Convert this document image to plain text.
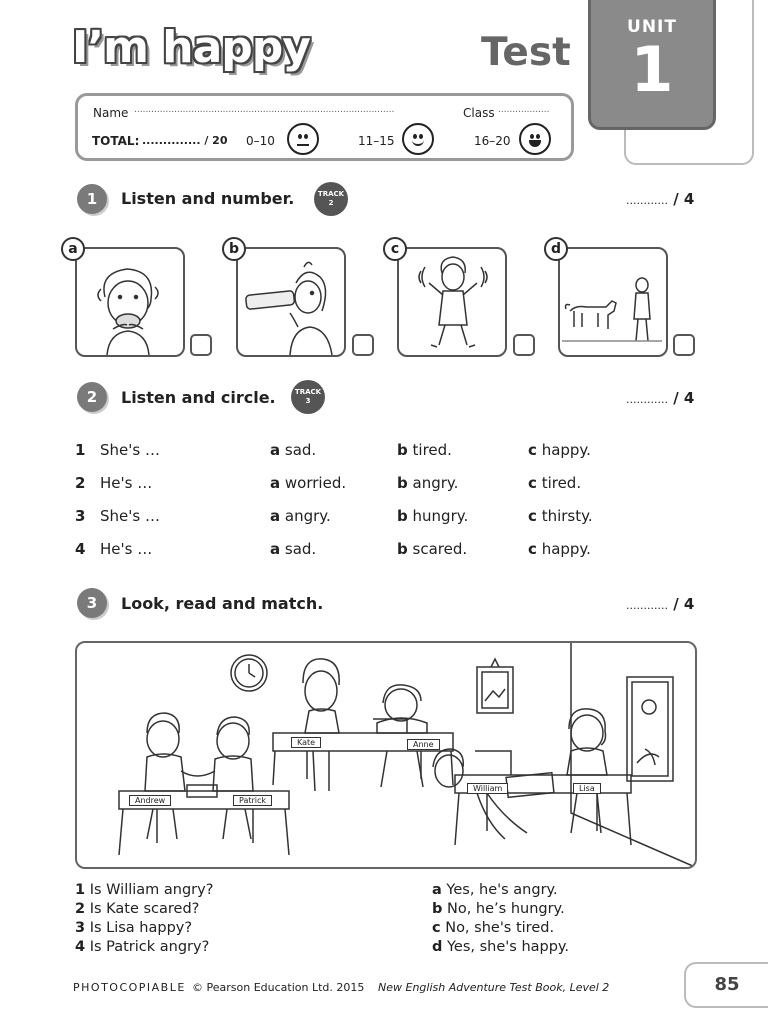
I’m happy	Test
UNIT
1
Name ...........................................................................................	Class ..................
TOTAL: .............. / 20 0–10	11–15	16–20
1	Listen and number.	TRACK
2	............ / 4
a	b	c	d
2	Listen and circle.	TRACK
3	............ / 4
1 She's …	a sad.	b tired.	c happy.
2 He's …	a worried.	b angry.	c tired.
3 She's …	a angry.	b hungry.	c thirsty.
4 He's …	a sad.	b scared.	c happy.
3	Look, read and match.	............ / 4
Kate	Anne
Andrew	Patrick
William	Lisa
1 Is William angry?
2 Is Kate scared?
3 Is Lisa happy?
4 Is Patrick angry?
a Yes, he's angry.
b No, he’s hungry.
c No, she's tired.
d Yes, she's happy.
PHOTOCOPIABLE © Pearson Education Ltd. 2015 New English Adventure Test Book, Level 2	85
